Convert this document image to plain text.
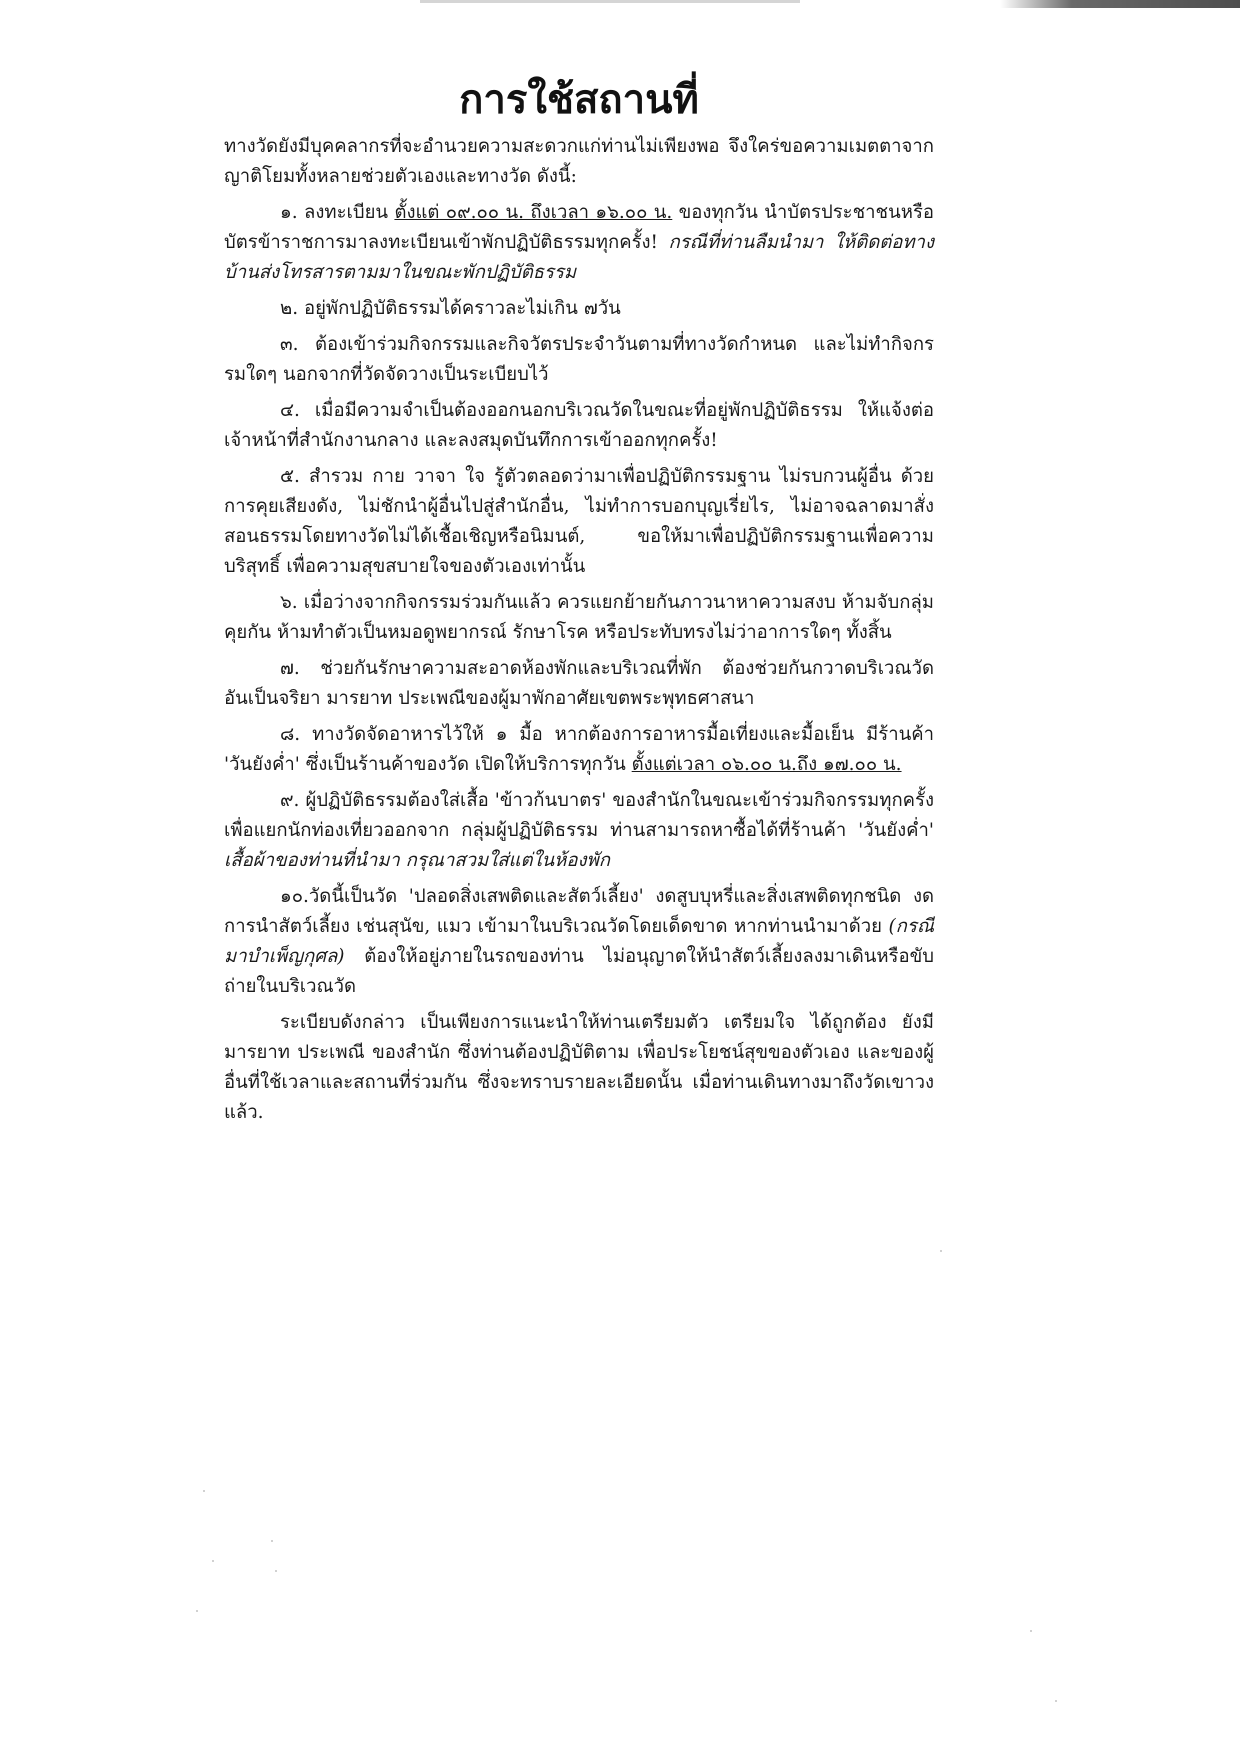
การใช้สถานที่

ทางวัดยังมีบุคคลากรที่จะอำนวยความสะดวกแก่ท่านไม่เพียงพอ จึงใคร่ขอความเมตตาจากญาติโยมทั้งหลายช่วยตัวเองและทางวัด ดังนี้:

๑. ลงทะเบียน ตั้งแต่ ๐๙.๐๐ น. ถึงเวลา ๑๖.๐๐ น. ของทุกวัน นำบัตรประชาชนหรือบัตรข้าราชการมาลงทะเบียนเข้าพักปฏิบัติธรรมทุกครั้ง! กรณีที่ท่านลืมนำมา ให้ติดต่อทางบ้านส่งโทรสารตามมาในขณะพักปฏิบัติธรรม

๒. อยู่พักปฏิบัติธรรมได้คราวละไม่เกิน ๗วัน

๓. ต้องเข้าร่วมกิจกรรมและกิจวัตรประจำวันตามที่ทางวัดกำหนด และไม่ทำกิจกรรมใดๆ นอกจากที่วัดจัดวางเป็นระเบียบไว้

๔. เมื่อมีความจำเป็นต้องออกนอกบริเวณวัดในขณะที่อยู่พักปฏิบัติธรรม ให้แจ้งต่อเจ้าหน้าที่สำนักงานกลาง และลงสมุดบันทึกการเข้าออกทุกครั้ง!

๕. สำรวม กาย วาจา ใจ รู้ตัวตลอดว่ามาเพื่อปฏิบัติกรรมฐาน ไม่รบกวนผู้อื่น ด้วยการคุยเสียงดัง, ไม่ชักนำผู้อื่นไปสู่สำนักอื่น, ไม่ทำการบอกบุญเรี่ยไร, ไม่อาจฉลาดมาสั่งสอนธรรมโดยทางวัดไม่ได้เชื้อเชิญหรือนิมนต์, ขอให้มาเพื่อปฏิบัติกรรมฐานเพื่อความบริสุทธิ์ เพื่อความสุขสบายใจของตัวเองเท่านั้น

๖. เมื่อว่างจากกิจกรรมร่วมกันแล้ว ควรแยกย้ายกันภาวนาหาความสงบ ห้ามจับกลุ่มคุยกัน ห้ามทำตัวเป็นหมอดูพยากรณ์ รักษาโรค หรือประทับทรงไม่ว่าอาการใดๆ ทั้งสิ้น

๗. ช่วยกันรักษาความสะอาดห้องพักและบริเวณที่พัก ต้องช่วยกันกวาดบริเวณวัด อันเป็นจริยา มารยาท ประเพณีของผู้มาพักอาศัยเขตพระพุทธศาสนา

๘. ทางวัดจัดอาหารไว้ให้ ๑ มื้อ หากต้องการอาหารมื้อเที่ยงและมื้อเย็น มีร้านค้า 'วันยังค่ำ' ซึ่งเป็นร้านค้าของวัด เปิดให้บริการทุกวัน ตั้งแต่เวลา ๐๖.๐๐ น.ถึง ๑๗.๐๐ น.

๙. ผู้ปฏิบัติธรรมต้องใส่เสื้อ 'ข้าวก้นบาตร' ของสำนักในขณะเข้าร่วมกิจกรรมทุกครั้ง เพื่อแยกนักท่องเที่ยวออกจาก กลุ่มผู้ปฏิบัติธรรม ท่านสามารถหาซื้อได้ที่ร้านค้า 'วันยังค่ำ' เสื้อผ้าของท่านที่นำมา กรุณาสวมใส่แต่ในห้องพัก

๑๐.วัดนี้เป็นวัด 'ปลอดสิ่งเสพติดและสัตว์เลี้ยง' งดสูบบุหรี่และสิ่งเสพติดทุกชนิด งดการนำสัตว์เลี้ยง เช่นสุนัข, แมว เข้ามาในบริเวณวัดโดยเด็ดขาด หากท่านนำมาด้วย (กรณีมาบำเพ็ญกุศล) ต้องให้อยู่ภายในรถของท่าน ไม่อนุญาตให้นำสัตว์เลี้ยงลงมาเดินหรือขับถ่ายในบริเวณวัด

ระเบียบดังกล่าว เป็นเพียงการแนะนำให้ท่านเตรียมตัว เตรียมใจ ได้ถูกต้อง ยังมีมารยาท ประเพณี ของสำนัก ซึ่งท่านต้องปฏิบัติตาม เพื่อประโยชน์สุขของตัวเอง และของผู้อื่นที่ใช้เวลาและสถานที่ร่วมกัน ซึ่งจะทราบรายละเอียดนั้น เมื่อท่านเดินทางมาถึงวัดเขาวงแล้ว.
